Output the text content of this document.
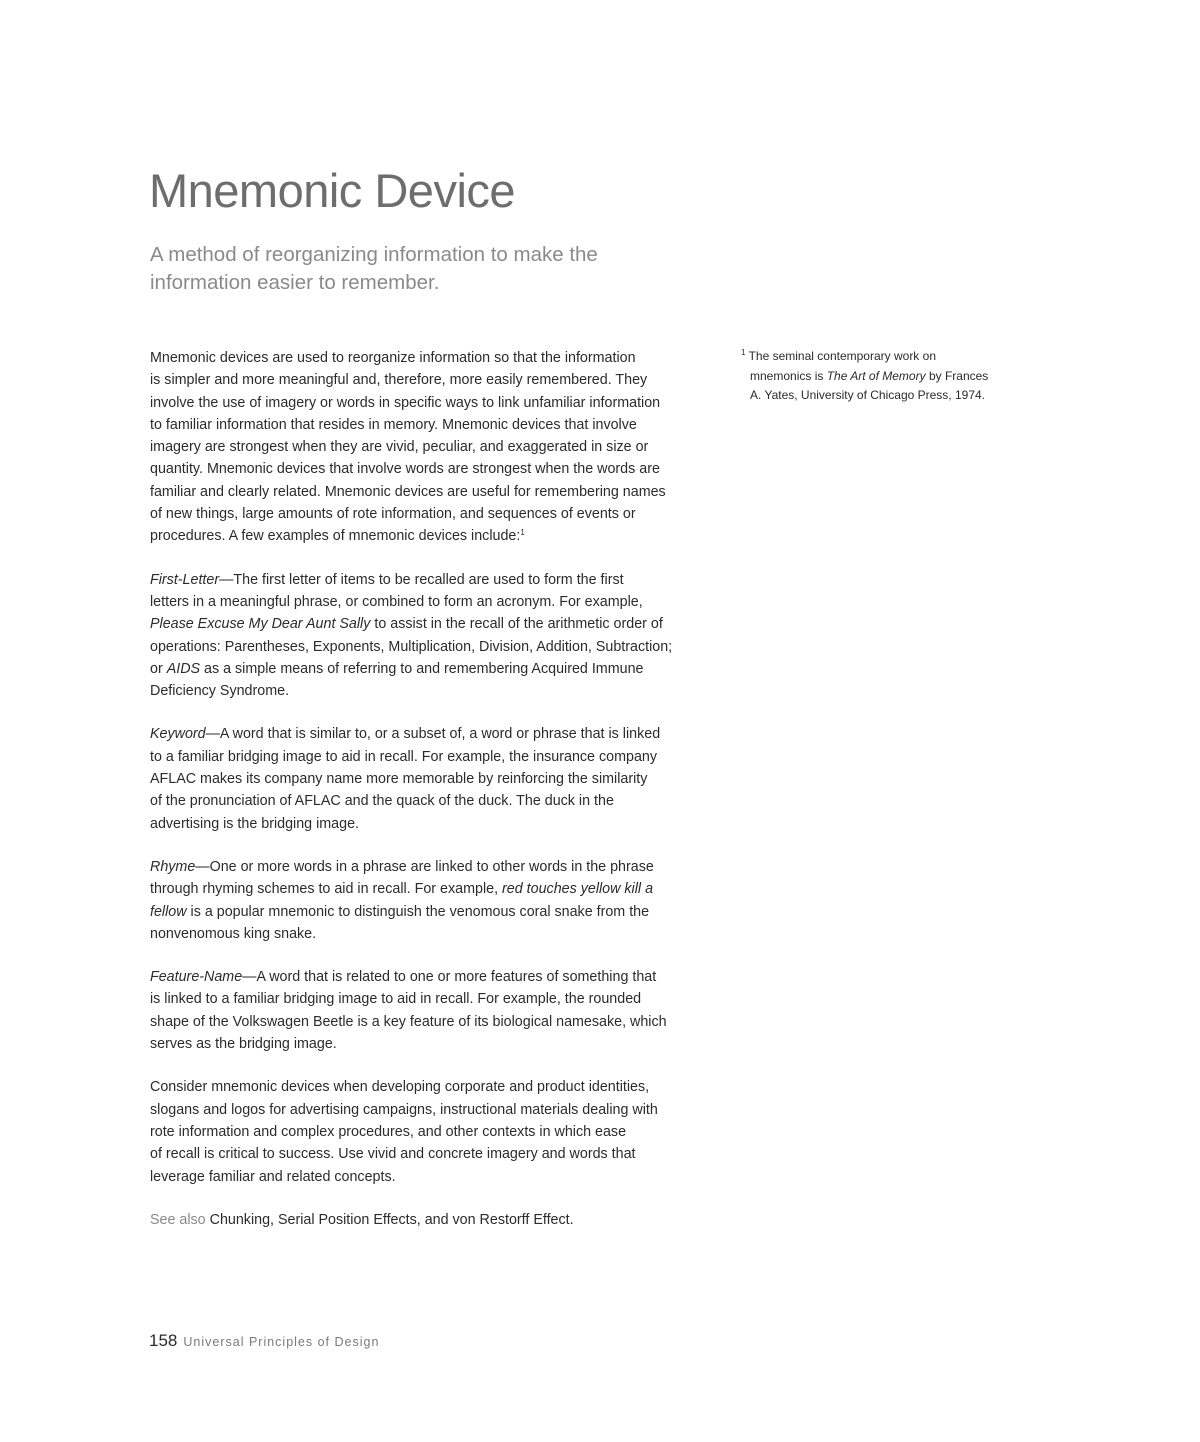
Mnemonic Device

A method of reorganizing information to make the information easier to remember.

Mnemonic devices are used to reorganize information so that the information
is simpler and more meaningful and, therefore, more easily remembered. They
involve the use of imagery or words in specific ways to link unfamiliar information
to familiar information that resides in memory. Mnemonic devices that involve
imagery are strongest when they are vivid, peculiar, and exaggerated in size or
quantity. Mnemonic devices that involve words are strongest when the words are
familiar and clearly related. Mnemonic devices are useful for remembering names
of new things, large amounts of rote information, and sequences of events or
procedures. A few examples of mnemonic devices include:$^1$

First-Letter—The first letter of items to be recalled are used to form the first
letters in a meaningful phrase, or combined to form an acronym. For example,
Please Excuse My Dear Aunt Sally to assist in the recall of the arithmetic order of
operations: Parentheses, Exponents, Multiplication, Division, Addition, Subtraction;
or AIDS as a simple means of referring to and remembering Acquired Immune
Deficiency Syndrome.

Keyword—A word that is similar to, or a subset of, a word or phrase that is linked
to a familiar bridging image to aid in recall. For example, the insurance company
AFLAC makes its company name more memorable by reinforcing the similarity
of the pronunciation of AFLAC and the quack of the duck. The duck in the
advertising is the bridging image.

Rhyme—One or more words in a phrase are linked to other words in the phrase
through rhyming schemes to aid in recall. For example, red touches yellow kill a
fellow is a popular mnemonic to distinguish the venomous coral snake from the
nonvenomous king snake.

Feature-Name—A word that is related to one or more features of something that
is linked to a familiar bridging image to aid in recall. For example, the rounded
shape of the Volkswagen Beetle is a key feature of its biological namesake, which
serves as the bridging image.

Consider mnemonic devices when developing corporate and product identities,
slogans and logos for advertising campaigns, instructional materials dealing with
rote information and complex procedures, and other contexts in which ease
of recall is critical to success. Use vivid and concrete imagery and words that
leverage familiar and related concepts.

See also Chunking, Serial Position Effects, and von Restorff Effect.

$^1$ The seminal contemporary work on
mnemonics is The Art of Memory by Frances
A. Yates, University of Chicago Press, 1974.
158 Universal Principles of Design
